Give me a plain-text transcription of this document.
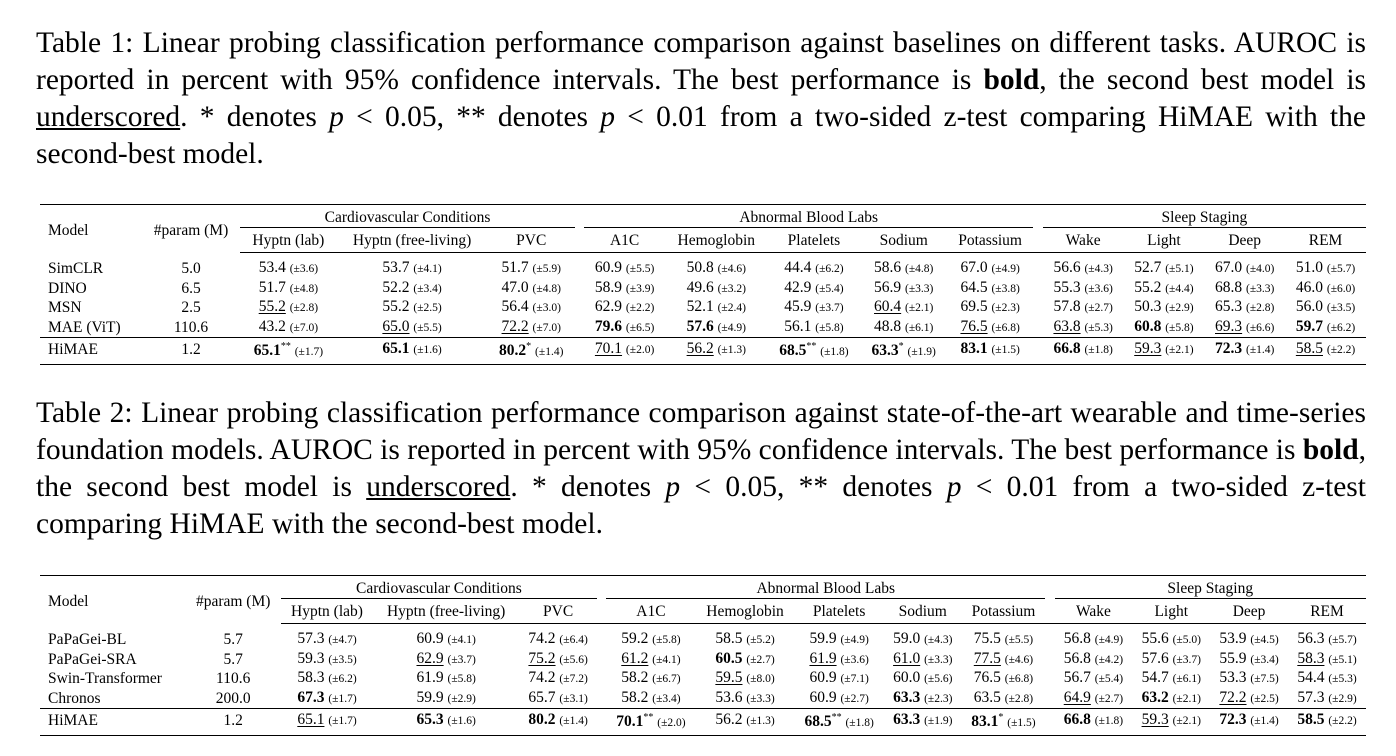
Table 1: Linear probing classification performance comparison against baselines on different tasks. AUROC is reported in percent with 95% confidence intervals. The best performance is bold, the second best model is underscored. * denotes p < 0.05, ** denotes p < 0.01 from a two-sided z-test comparing HiMAE with the second-best model.
Model	#param (M)	Cardiovascular Conditions				Abnormal Blood Labs						Sleep Staging			
		Hyptn (lab)	Hyptn (free-living)	PVC		A1C	Hemoglobin	Platelets	Sodium	Potassium		Wake	Light	Deep	REM
SimCLR	5.0	53.4 (±3.6)	53.7 (±4.1)	51.7 (±5.9)		60.9 (±5.5)	50.8 (±4.6)	44.4 (±6.2)	58.6 (±4.8)	67.0 (±4.9)		56.6 (±4.3)	52.7 (±5.1)	67.0 (±4.0)	51.0 (±5.7)
DINO	6.5	51.7 (±4.8)	52.2 (±3.4)	47.0 (±4.8)		58.9 (±3.9)	49.6 (±3.2)	42.9 (±5.4)	56.9 (±3.3)	64.5 (±3.8)		55.3 (±3.6)	55.2 (±4.4)	68.8 (±3.3)	46.0 (±6.0)
MSN	2.5	55.2 (±2.8)	55.2 (±2.5)	56.4 (±3.0)		62.9 (±2.2)	52.1 (±2.4)	45.9 (±3.7)	60.4 (±2.1)	69.5 (±2.3)		57.8 (±2.7)	50.3 (±2.9)	65.3 (±2.8)	56.0 (±3.5)
MAE (ViT)	110.6	43.2 (±7.0)	65.0 (±5.5)	72.2 (±7.0)		79.6 (±6.5)	57.6 (±4.9)	56.1 (±5.8)	48.8 (±6.1)	76.5 (±6.8)		63.8 (±5.3)	60.8 (±5.8)	69.3 (±6.6)	59.7 (±6.2)
HiMAE	1.2	65.1** (±1.7)	65.1 (±1.6)	80.2* (±1.4)		70.1 (±2.0)	56.2 (±1.3)	68.5** (±1.8)	63.3* (±1.9)	83.1 (±1.5)		66.8 (±1.8)	59.3 (±2.1)	72.3 (±1.4)	58.5 (±2.2)
Table 2: Linear probing classification performance comparison against state-of-the-art wearable and time-series foundation models. AUROC is reported in percent with 95% confidence intervals. The best performance is bold, the second best model is underscored. * denotes p < 0.05, ** denotes p < 0.01 from a two-sided z-test comparing HiMAE with the second-best model.
Model	#param (M)	Cardiovascular Conditions				Abnormal Blood Labs						Sleep Staging			
		Hyptn (lab)	Hyptn (free-living)	PVC		A1C	Hemoglobin	Platelets	Sodium	Potassium		Wake	Light	Deep	REM
PaPaGei-BL	5.7	57.3 (±4.7)	60.9 (±4.1)	74.2 (±6.4)		59.2 (±5.8)	58.5 (±5.2)	59.9 (±4.9)	59.0 (±4.3)	75.5 (±5.5)		56.8 (±4.9)	55.6 (±5.0)	53.9 (±4.5)	56.3 (±5.7)
PaPaGei-SRA	5.7	59.3 (±3.5)	62.9 (±3.7)	75.2 (±5.6)		61.2 (±4.1)	60.5 (±2.7)	61.9 (±3.6)	61.0 (±3.3)	77.5 (±4.6)		56.8 (±4.2)	57.6 (±3.7)	55.9 (±3.4)	58.3 (±5.1)
Swin-Transformer	110.6	58.3 (±6.2)	61.9 (±5.8)	74.2 (±7.2)		58.2 (±6.7)	59.5 (±8.0)	60.9 (±7.1)	60.0 (±5.6)	76.5 (±6.8)		56.7 (±5.4)	54.7 (±6.1)	53.3 (±7.5)	54.4 (±5.3)
Chronos	200.0	67.3 (±1.7)	59.9 (±2.9)	65.7 (±3.1)		58.2 (±3.4)	53.6 (±3.3)	60.9 (±2.7)	63.3 (±2.3)	63.5 (±2.8)		64.9 (±2.7)	63.2 (±2.1)	72.2 (±2.5)	57.3 (±2.9)
HiMAE	1.2	65.1 (±1.7)	65.3 (±1.6)	80.2 (±1.4)		70.1** (±2.0)	56.2 (±1.3)	68.5** (±1.8)	63.3 (±1.9)	83.1* (±1.5)		66.8 (±1.8)	59.3 (±2.1)	72.3 (±1.4)	58.5 (±2.2)
